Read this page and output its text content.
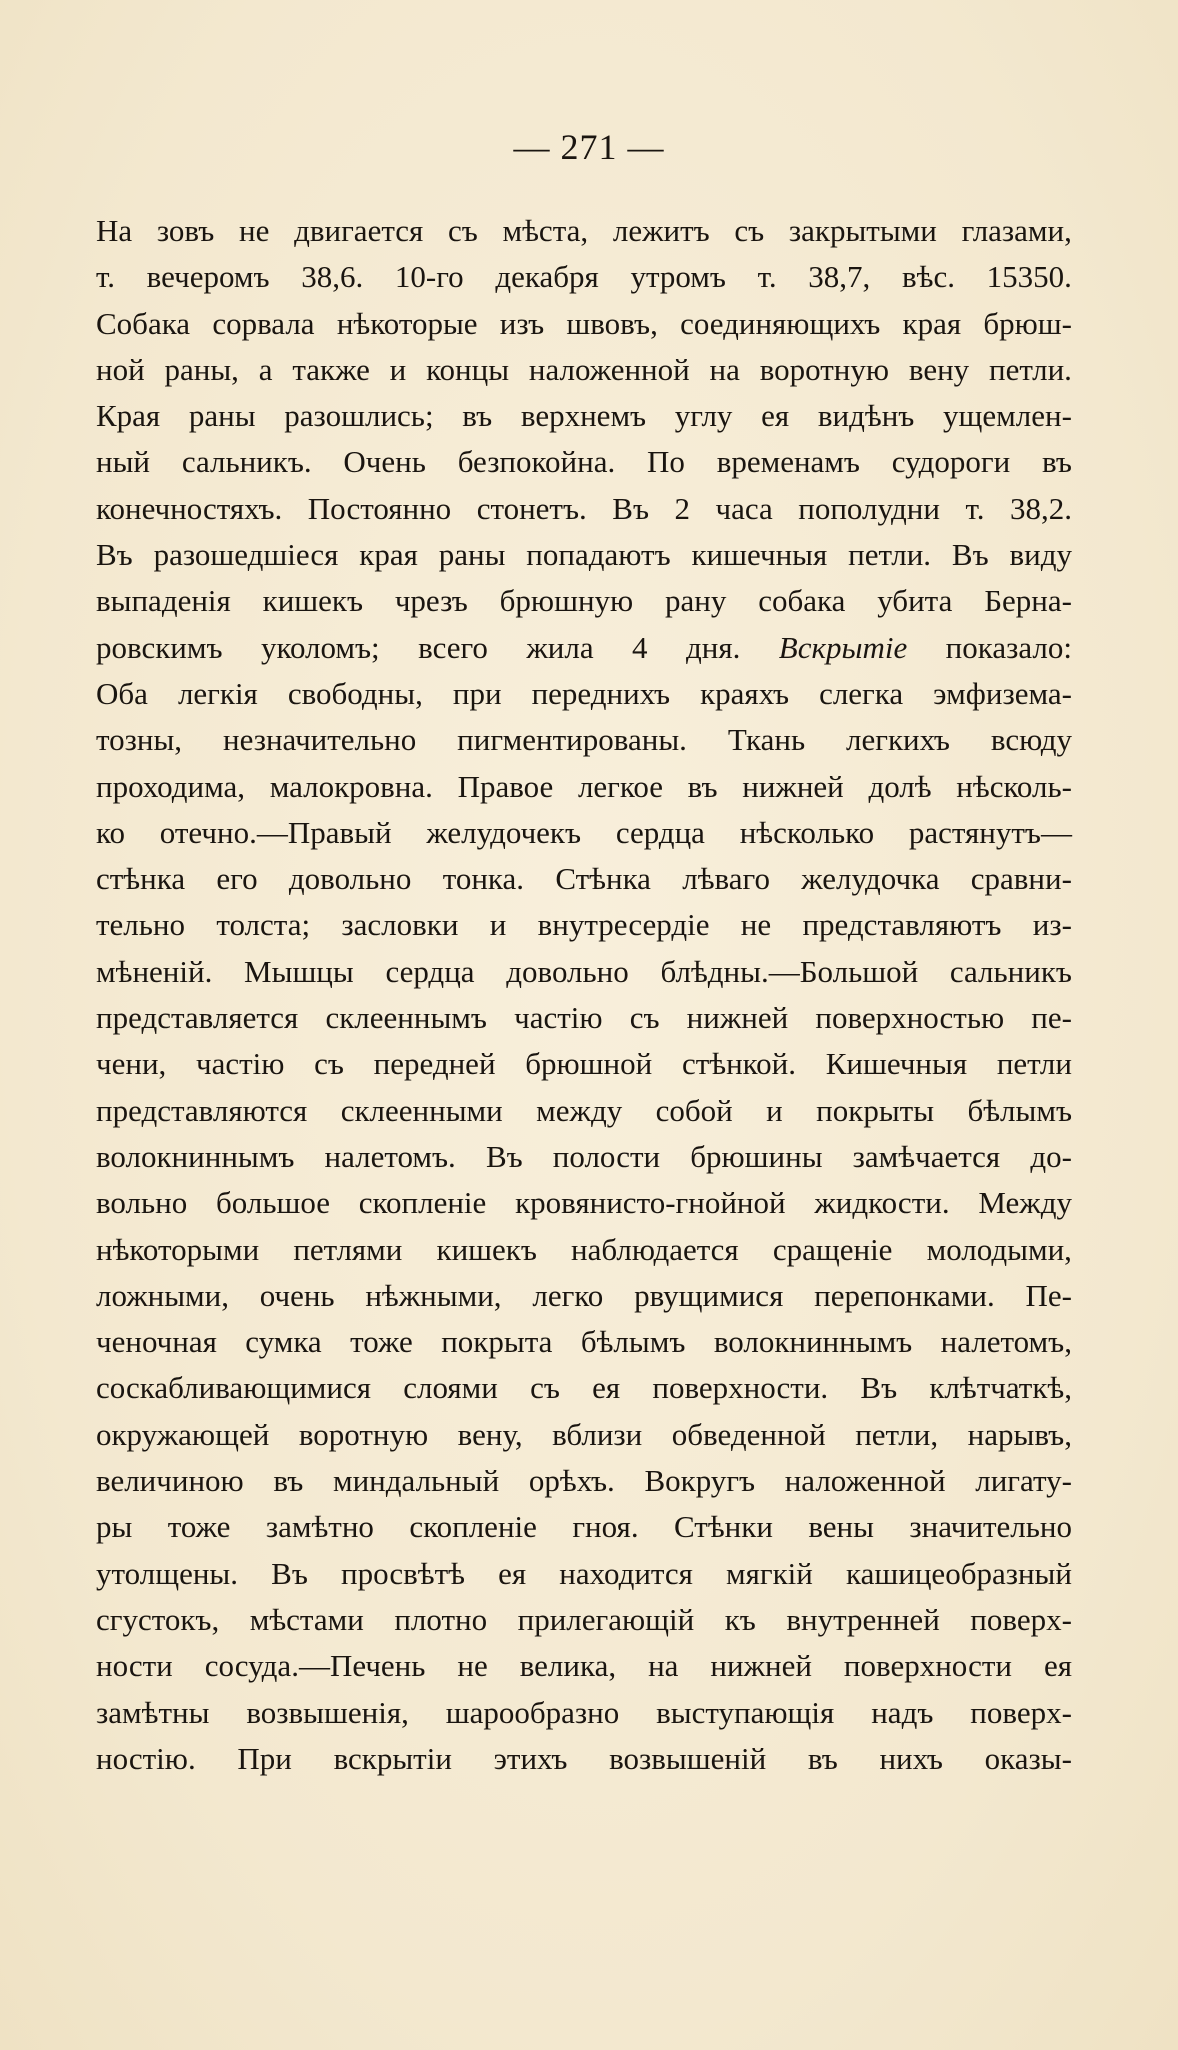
— 271 —
На зовъ не двигается съ мѣста, лежитъ съ закрытыми глазами,
т. вечеромъ 38,6. 10-го декабря утромъ т. 38,7, вѣс. 15350.
Собака сорвала нѣкоторые изъ швовъ, соединяющихъ края брюш-
ной раны, а также и концы наложенной на воротную вену петли.
Края раны разошлись; въ верхнемъ углу ея видѣнъ ущемлен-
ный сальникъ. Очень безпокойна. По временамъ судороги въ
конечностяхъ. Постоянно стонетъ. Въ 2 часа пополудни т. 38,2.
Въ разошедшіеся края раны попадаютъ кишечныя петли. Въ виду
выпаденія кишекъ чрезъ брюшную рану собака убита Берна-
ровскимъ уколомъ; всего жила 4 дня. Вскрытіе показало:
Оба легкія свободны, при переднихъ краяхъ слегка эмфизема-
тозны, незначительно пигментированы. Ткань легкихъ всюду
проходима, малокровна. Правое легкое въ нижней долѣ нѣсколь-
ко отечно.—Правый желудочекъ сердца нѣсколько растянутъ—
стѣнка его довольно тонка. Стѣнка лѣваго желудочка сравни-
тельно толста; засловки и внутресердіе не представляютъ из-
мѣненій. Мышцы сердца довольно блѣдны.—Большой сальникъ
представляется склееннымъ частію съ нижней поверхностью пе-
чени, частію съ передней брюшной стѣнкой. Кишечныя петли
представляются склеенными между собой и покрыты бѣлымъ
волокниннымъ налетомъ. Въ полости брюшины замѣчается до-
вольно большое скопленіе кровянисто-гнойной жидкости. Между
нѣкоторыми петлями кишекъ наблюдается сращеніе молодыми,
ложными, очень нѣжными, легко рвущимися перепонками. Пе-
ченочная сумка тоже покрыта бѣлымъ волокниннымъ налетомъ,
соскабливающимися слоями съ ея поверхности. Въ клѣтчаткѣ,
окружающей воротную вену, вблизи обведенной петли, нарывъ,
величиною въ миндальный орѣхъ. Вокругъ наложенной лигату-
ры тоже замѣтно скопленіе гноя. Стѣнки вены значительно
утолщены. Въ просвѣтѣ ея находится мягкій кашицеобразный
сгустокъ, мѣстами плотно прилегающій къ внутренней поверх-
ности сосуда.—Печень не велика, на нижней поверхности ея
замѣтны возвышенія, шарообразно выступающія надъ поверх-
ностію. При вскрытіи этихъ возвышеній въ нихъ оказы-
